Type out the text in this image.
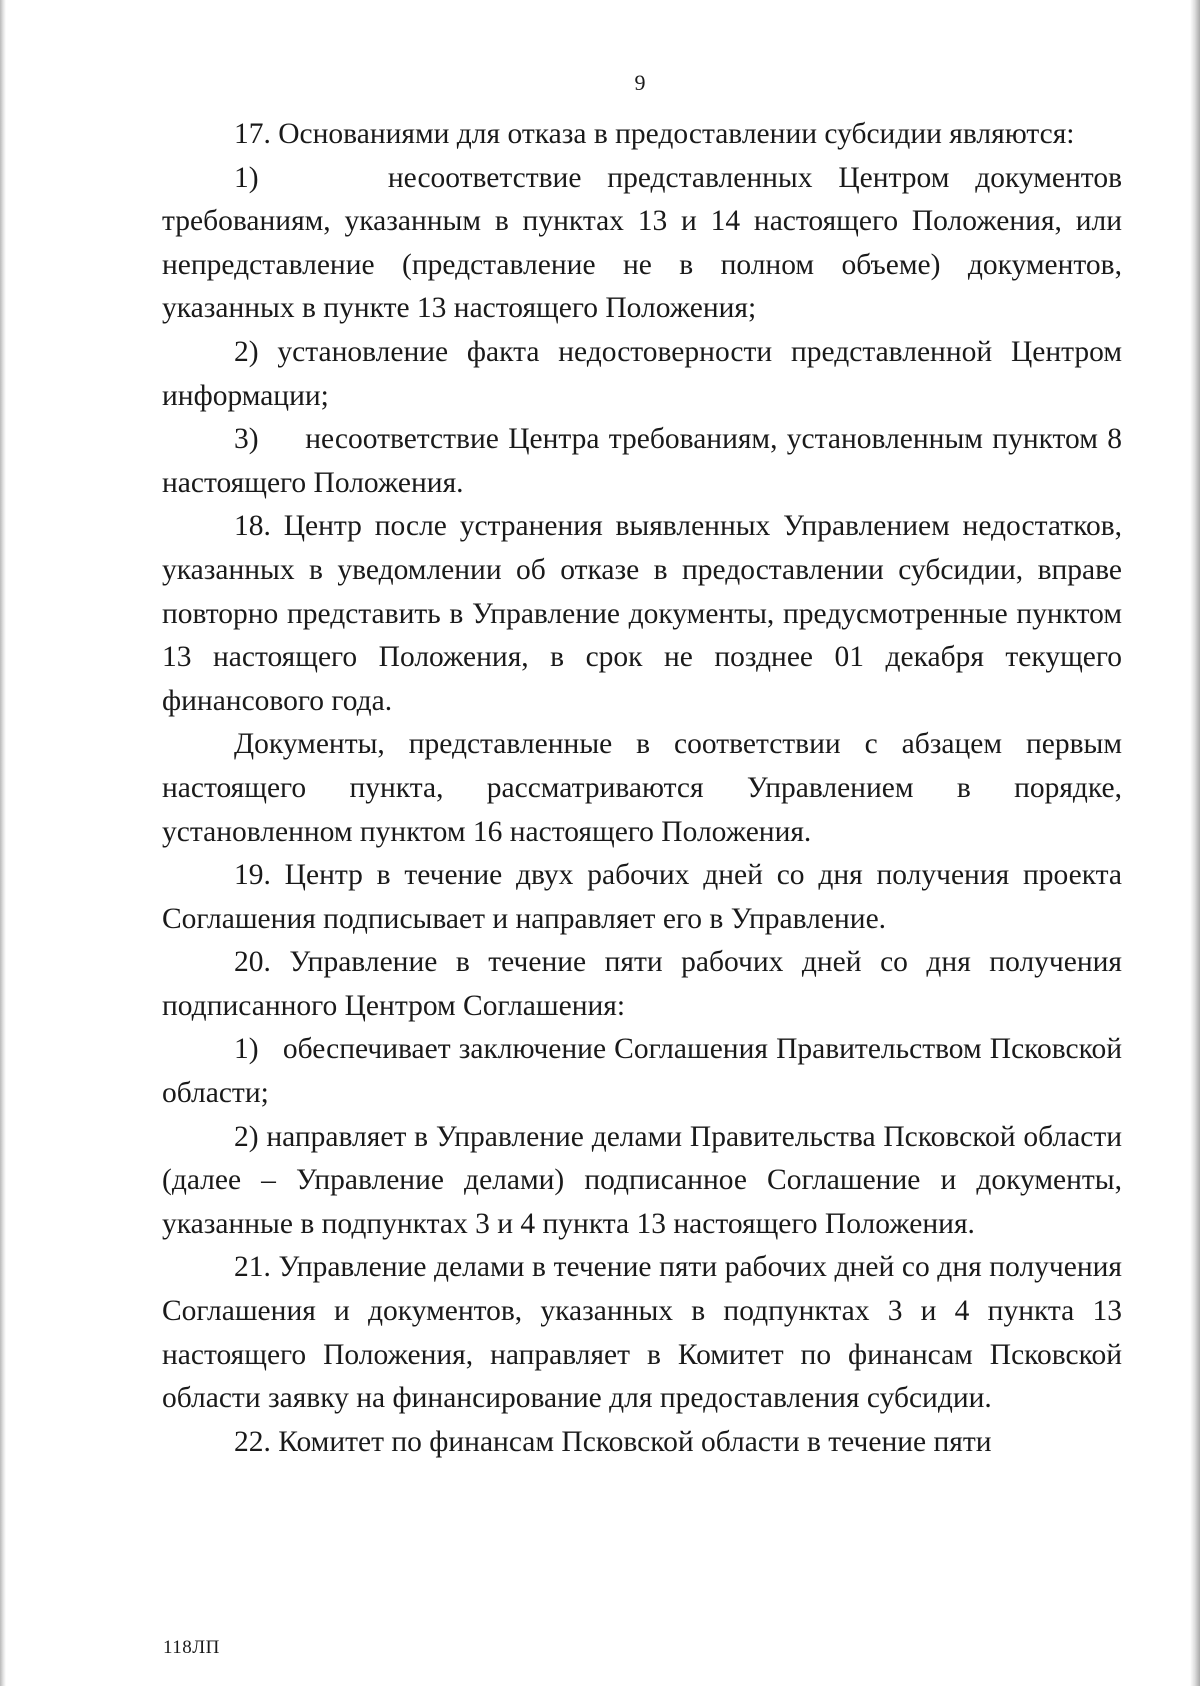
9

17. Основаниями для отказа в предоставлении субсидии являются:

1)     несоответствие представленных Центром документов требованиям, указанным в пунктах 13 и 14 настоящего Положения, или непредставление (представление не в полном объеме) документов, указанных в пункте 13 настоящего Положения;

2) установление факта недостоверности представленной Центром информации;

3)     несоответствие Центра требованиям, установленным пунктом 8 настоящего Положения.

18. Центр после устранения выявленных Управлением недостатков, указанных в уведомлении об отказе в предоставлении субсидии, вправе повторно представить в Управление документы, предусмотренные пунктом 13 настоящего Положения, в срок не позднее 01 декабря текущего финансового года.

Документы, представленные в соответствии с абзацем первым настоящего пункта, рассматриваются Управлением в порядке, установленном пунктом 16 настоящего Положения.

19. Центр в течение двух рабочих дней со дня получения проекта Соглашения подписывает и направляет его в Управление.

20. Управление в течение пяти рабочих дней со дня получения подписанного Центром Соглашения:

1)   обеспечивает заключение Соглашения Правительством Псковской области;

2) направляет в Управление делами Правительства Псковской области (далее – Управление делами) подписанное Соглашение и документы, указанные в подпунктах 3 и 4 пункта 13 настоящего Положения.

21. Управление делами в течение пяти рабочих дней со дня получения Соглашения и документов, указанных в подпунктах 3 и 4 пункта 13 настоящего Положения, направляет в Комитет по финансам Псковской области заявку на финансирование для предоставления субсидии.

22. Комитет по финансам Псковской области в течение пяти

118ЛП
